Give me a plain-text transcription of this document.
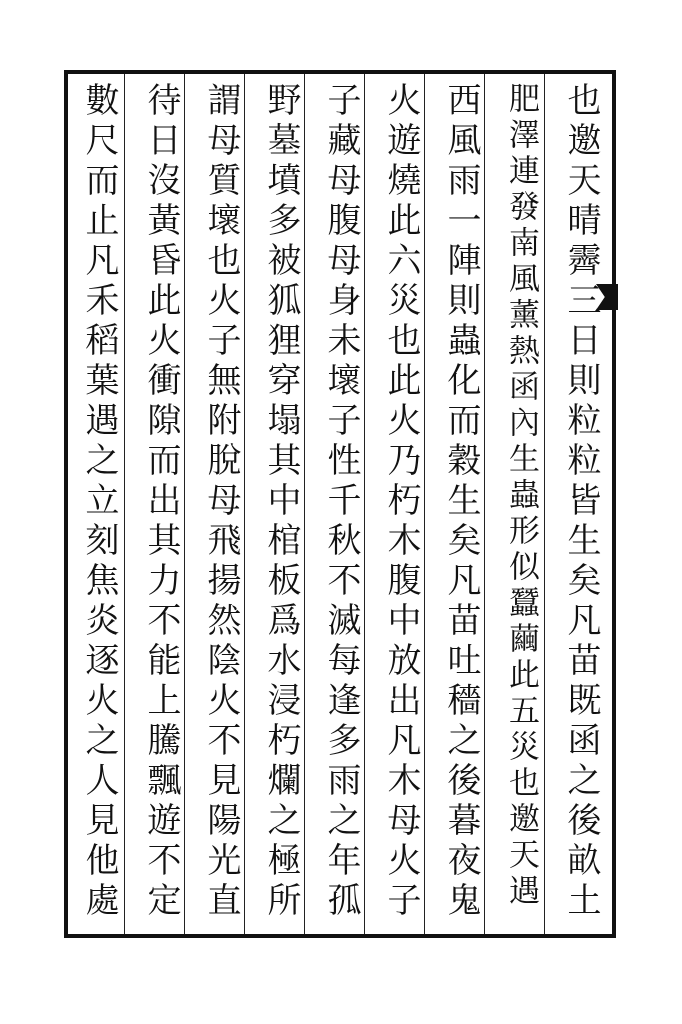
也邀天晴霽三日則粒粒皆生矣凡苗既函之後畝土
肥澤連發南風薰熱函內生蟲形似蠶繭此五災也邀天遇
西風雨一陣則蟲化而穀生矣凡苗吐穡之後暮夜鬼
火遊燒此六災也此火乃朽木腹中放出凡木母火子
子藏母腹母身未壞子性千秋不滅每逢多雨之年孤
野墓墳多被狐狸穿塌其中棺板爲水浸朽爛之極所
謂母質壞也火子無附脫母飛揚然陰火不見陽光直
待日沒黃昏此火衝隙而出其力不能上騰飄遊不定
數尺而止凡禾稻葉遇之立刻焦炎逐火之人見他處
